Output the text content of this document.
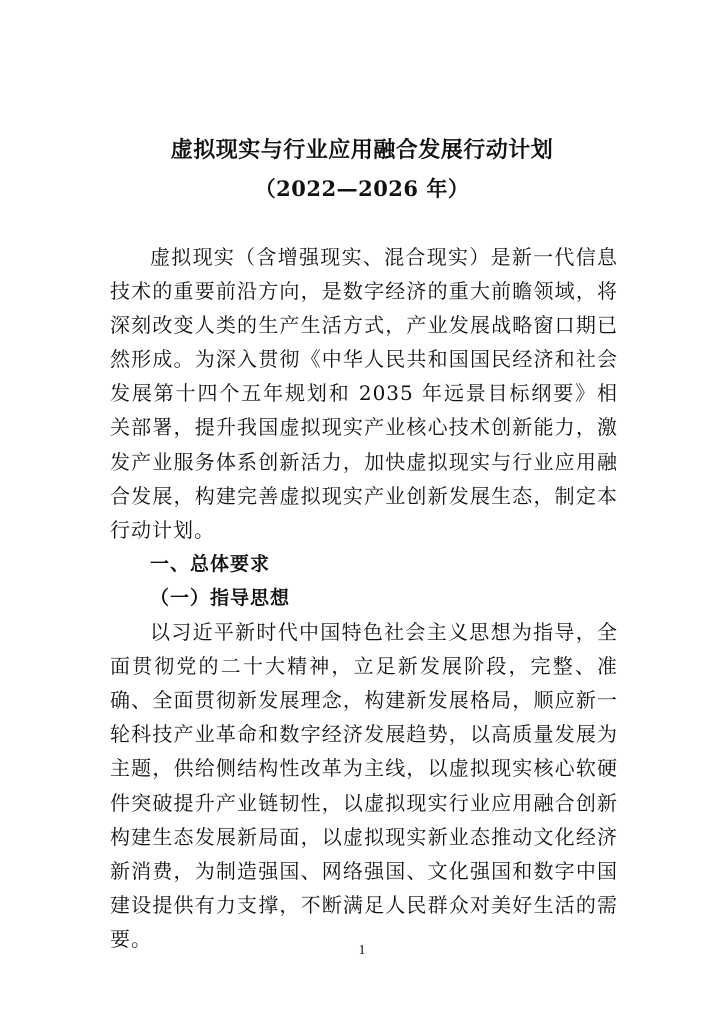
虚拟现实与行业应用融合发展行动计划
（2022—2026 年）

虚拟现实（含增强现实、混合现实）是新一代信息技术的重要前沿方向，是数字经济的重大前瞻领域，将深刻改变人类的生产生活方式，产业发展战略窗口期已然形成。为深入贯彻《中华人民共和国国民经济和社会发展第十四个五年规划和 2035 年远景目标纲要》相关部署，提升我国虚拟现实产业核心技术创新能力，激发产业服务体系创新活力，加快虚拟现实与行业应用融合发展，构建完善虚拟现实产业创新发展生态，制定本行动计划。

一、总体要求

（一）指导思想

以习近平新时代中国特色社会主义思想为指导，全面贯彻党的二十大精神，立足新发展阶段，完整、准确、全面贯彻新发展理念，构建新发展格局，顺应新一轮科技产业革命和数字经济发展趋势，以高质量发展为主题，供给侧结构性改革为主线，以虚拟现实核心软硬件突破提升产业链韧性，以虚拟现实行业应用融合创新构建生态发展新局面，以虚拟现实新业态推动文化经济新消费，为制造强国、网络强国、文化强国和数字中国建设提供有力支撑，不断满足人民群众对美好生活的需要。	1
